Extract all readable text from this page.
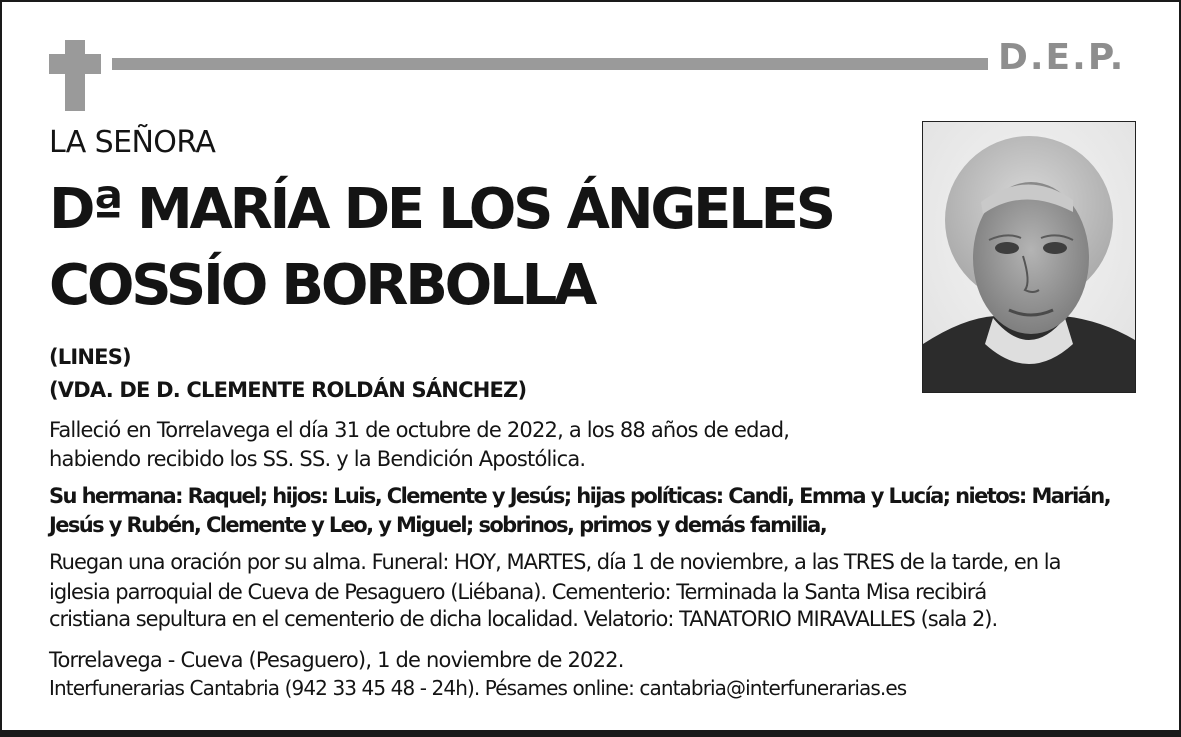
D.E.P.
LA SEÑORA
Dª MARÍA DE LOS ÁNGELES
COSSÍO BORBOLLA
(LINES)
(VDA. DE D. CLEMENTE ROLDÁN SÁNCHEZ)
Falleció en Torrelavega el día 31 de octubre de 2022, a los 88 años de edad,
habiendo recibido los SS. SS. y la Bendición Apostólica.
Su hermana: Raquel; hijos: Luis, Clemente y Jesús; hijas políticas: Candi, Emma y Lucía; nietos: Marián,
Jesús y Rubén, Clemente y Leo, y Miguel; sobrinos, primos y demás familia,
Ruegan una oración por su alma. Funeral: HOY, MARTES, día 1 de noviembre, a las TRES de la tarde, en la
iglesia parroquial de Cueva de Pesaguero (Liébana). Cementerio: Terminada la Santa Misa recibirá
cristiana sepultura en el cementerio de dicha localidad. Velatorio: TANATORIO MIRAVALLES (sala 2).
Torrelavega - Cueva (Pesaguero), 1 de noviembre de 2022.
Interfunerarias Cantabria (942 33 45 48 - 24h). Pésames online: cantabria@interfunerarias.es
